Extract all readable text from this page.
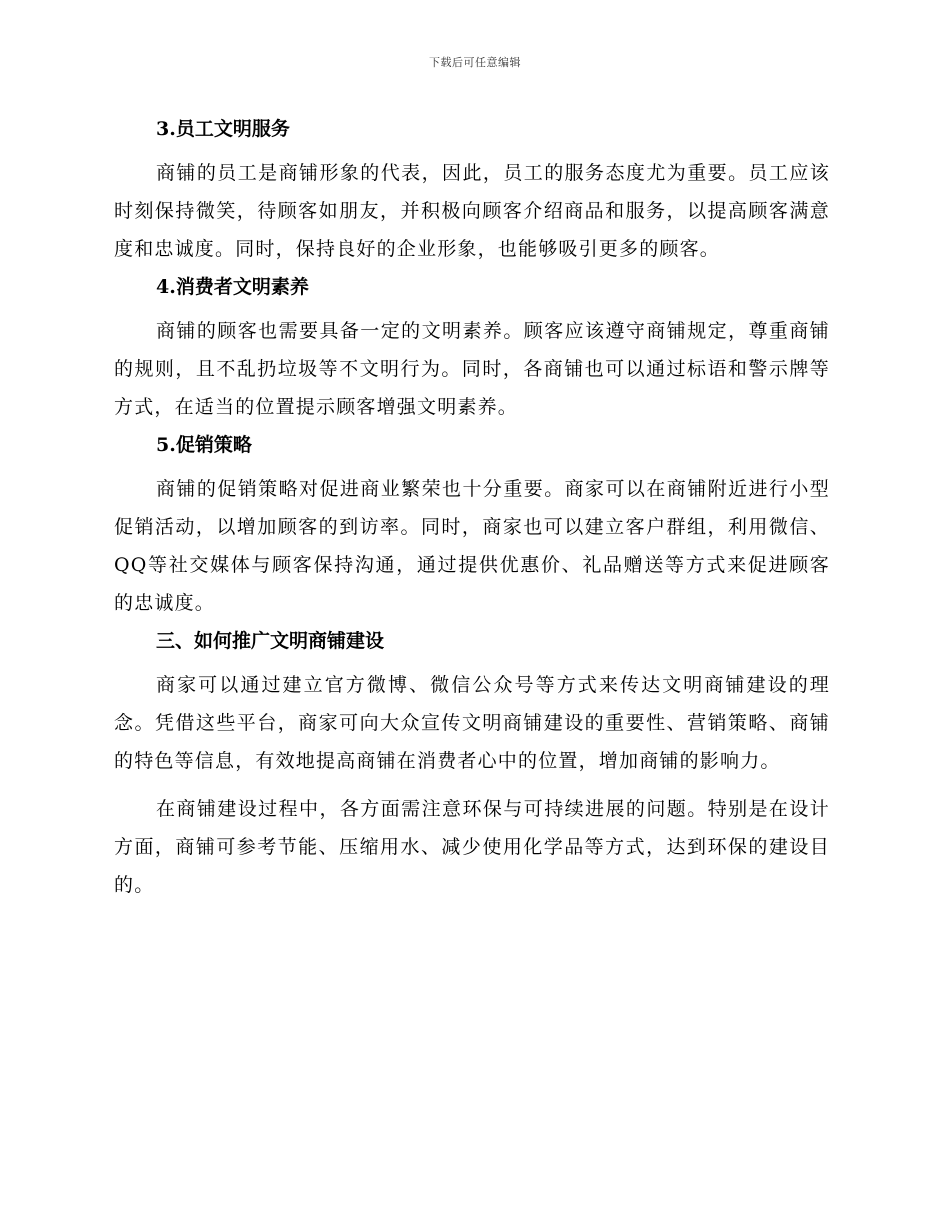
下载后可任意编辑
3.员工文明服务

商铺的员工是商铺形象的代表，因此，员工的服务态度尤为重要。员工应该时刻保持微笑，待顾客如朋友，并积极向顾客介绍商品和服务，以提高顾客满意度和忠诚度。同时，保持良好的企业形象，也能够吸引更多的顾客。

4.消费者文明素养

商铺的顾客也需要具备一定的文明素养。顾客应该遵守商铺规定，尊重商铺的规则，且不乱扔垃圾等不文明行为。同时，各商铺也可以通过标语和警示牌等方式，在适当的位置提示顾客增强文明素养。

5.促销策略

商铺的促销策略对促进商业繁荣也十分重要。商家可以在商铺附近进行小型促销活动，以增加顾客的到访率。同时，商家也可以建立客户群组，利用微信、QQ等社交媒体与顾客保持沟通，通过提供优惠价、礼品赠送等方式来促进顾客的忠诚度。

三、如何推广文明商铺建设

商家可以通过建立官方微博、微信公众号等方式来传达文明商铺建设的理念。凭借这些平台，商家可向大众宣传文明商铺建设的重要性、营销策略、商铺的特色等信息，有效地提高商铺在消费者心中的位置，增加商铺的影响力。

在商铺建设过程中，各方面需注意环保与可持续进展的问题。特别是在设计方面，商铺可参考节能、压缩用水、减少使用化学品等方式，达到环保的建设目的。
